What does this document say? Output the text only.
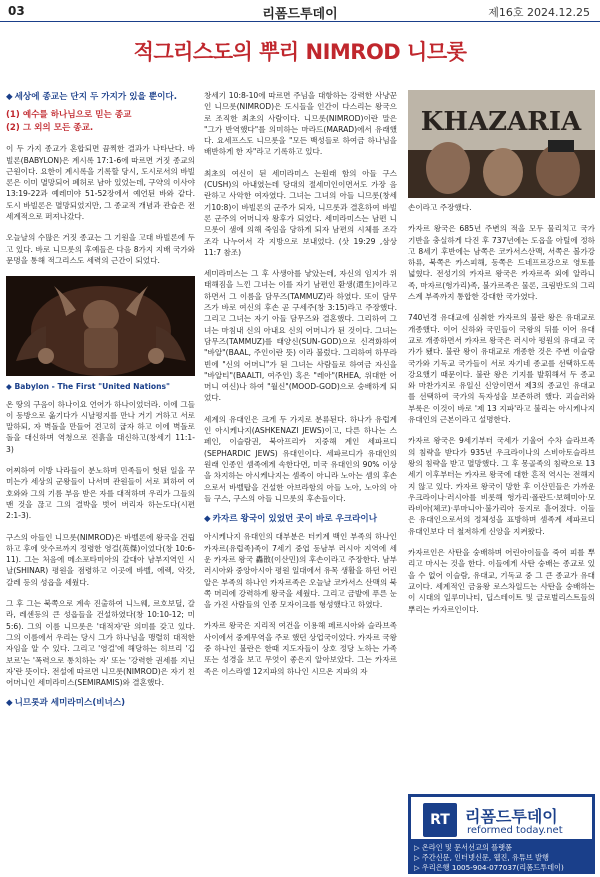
03	리폼드투데이	제16호 2024.12.25
적그리스도의 뿌리 NIMROD 니므롯
◆ 세상에 종교는 단지 두 가지가 있을 뿐이다.
(1) 예수를 하나님으로 믿는 종교
(2) 그 외의 모든 종교.

이 두 가지 종교가 혼합되면 끔찍한 결과가 나타난다. 바빌론(BABYLON)은 계시록 17:1-6에 따르면 거짓 종교의 근원이다. 요한이 계시록을 기록할 당시, 도시로서의 바빌론은 이미 멸망되어 폐허로 남아 있었는데, 구약의 이사야 13:19-22과 예레미야 51-52장에서 예언된 바와 같다. 도시 바빌론은 멸망되었지만, 그 종교적 개념과 관습은 전 세계적으로 퍼져나갔다.

오늘날의 수많은 거짓 종교는 그 기원을 고대 바빌론에 두고 있다. 바로 니므롯의 후예들은 다음 8가지 지배 국가와 문명을 통해 적그리스도 세력의 근간이 되었다.

◆ Babylon - The First "United Nations"

온 땅의 구음이 하나이요 언어가 하나이었더라. 이에 그들이 동방으로 옮기다가 시날평지를 만나 거기 거하고 서로 말하되, 자 벽돌을 만들어 견고히 굽자 하고 이에 벽돌로 돌을 대신하며 역청으로 진흙을 대신하고(창세기 11:1-3)

어찌하여 이방 나라들이 분노하며 민족들이 헛된 일을 꾸미는가 세상의 군왕들이 나서며 관원들이 서로 꾀하여 여호와와 그의 기름 부음 받은 자를 대적하며 우리가 그들의 맨 것을 끊고 그의 결박을 벗어 버리자 하는도다(시편 2:1-3).

구스의 아들인 니므롯(NIMROD)은 바벨론에 왕국을 건립하고 후에 앗수르까지 정령한 영걸(英傑)이었다(창 10:6-11). 그는 처음에 메소포타미아의 갈대아 남부지역인 시날(SHINAR) 평원을 점령하고 이곳에 바벨, 에렉, 악갓, 갈레 등의 성읍을 세웠다.

그 후 그는 북쪽으로 계속 진출하여 니느웨, 르호보딜, 갈라, 레센등의 큰 성읍들을 건설하였다(창 10:10-12; 미5:6). 그의 이름 니므롯은 '대적자'란 의미를 갖고 있다. 그의 이름에서 우리는 당시 그가 하나님을 맹렬히 대적한 자임을 알 수 있다. 그리고 '영걸'에 해당하는 히브리 '깁보르'는 '폭력으로 통치하는 자' 또는 '강력한 권세를 지닌 자'란 뜻이다. 전설에 따르면 니므롯(NIMROD)은 자기 친어머니인 세미라미스(SEMIRAMIS)와 결혼했다.

◆ 니므롯과 세미라미스(비너스)

창세기 10:8-10에 따르면 주님을 대항하는 강력한 사냥꾼인 니므롯(NIMROD)은 도시들을 인간이 다스리는 왕국으로 조직한 최초의 사람이다. 니므롯(NIMROD)이란 말은 "그가 반역했다"를 의미하는 마라드(MARAD)에서 유래했다. 요세프스도 니므롯을 "모든 백성들로 하여금 하나님을 배반하게 한 자"라고 기록하고 있다.

최초의 여신이 된 세미라미스 는원래 함의 아들 구스(CUSH)의 아내였는데 당대의 절세미인이면서도 가장 음란하고 사악한 여자였다. 그녀는 그녀의 아들 니므롯(창세기10:8)이 바빌론의 군주가 되자, 니므롯과 결혼하여 바빌론 군주의 어머니자 왕후가 되었다. 세미라미스는 남편 니므롯이 샘에 의해 죽임을 당하게 되자 남편의 시체를 조각조각 나누어서 각 지방으로 보내었다. (삿 19:29 ,삼상 11:7 참조)

세미라미스는 그 후 사생아를 낳았는데, 자신의 임지가 위태해짐을 느낀 그녀는 이를 자기 남편인 환생(還生)이라고 하면서 그 이름을 담무즈(TAMMUZ)라 하였다. 또이 담무즈가 바로 여신의 후손 곧 구세주(창 3:15)라고 주장했다. 그리고 그녀는 자기 아들 담무즈와 결혼했다. 그리하여 그녀는 마침내 신의 아내요 신의 어머니가 된 것이다. 그녀는 담무즈(TAMMUZ)를 태양신(SUN-GOD)으로 신격화하여 "바알"(BAAL, 주인이란 뜻) 이라 불렀다. 그리하여 하무라빈에 "신의 어머니"가 된 그녀는 사람들로 하여금 자신을 "바알티"(BAALTI, 여주인) 혹은 "레아"(RHEA, 위대한 어머니 여신)나 하여 "월신"(MOOD-GOD)으로 숭배하게 되었다.

세계의 유대인은 크게 두 가지로 분류된다. 하나가 유럽계인 아시케나지(ASHKENAZI JEWS)이고, 다른 하나는 스페인, 이슬람권, 북아프리카 지중해 계인 세파르디(SEPHARDIC JEWS) 유대인이다. 세파르디가 유대인의 원래 인종인 셈족에게 속한다면, 미국 유대인의 90% 이상을 차지하는 아시케나지는 셈족이 아니라 노아는 셈의 후손으로서 바벨탑을 건설한 아브라함의 아들 노아, 노아의 아들 구스, 구스의 아들 니므롯의 후손들이다.

◆ 카자르 왕국이 있었던 곳이 바로 우크라이나

아시케나지 유대인의 대부분은 터키계 백인 부족의 하나인 카자르(유럽족)족이 7세기 중엽 동남부 러시아 지역에 세운 카자르 왕국 轟散(이산민)의 후손이라고 주장한다. 남부 러시아와 중앙아시아 평원 일대에서 유목 생활을 하던 어린 알은 부족의 하나인 카자르족은 오늘날 코카서스 산맥의 북쪽 머리에 강력하게 왕국을 세웠다. 그리고 금발에 푸른 눈을 가진 사람들의 인종 모자이크를 형성했다고 하였다.

카자르 왕국은 지리적 여건을 이용해 페르시아와 슬라브족 사이에서 중계무역을 주로 했던 상업국이었다. 카자르 국왕 중 하나인 불란은 한때 지도자들이 상호 정당 노하는 가족 또는 성경을 보고 무엇이 좋은지 알아보았다. 그는 카자르족은 이스라엘 12지파의 하나인 시므온 지파의 자

KHAZARIA

손이라고 주장했다.

카자르 왕국은 685년 주변의 적을 모두 물리치고 국가 기반을 충실하게 다진 후 737년에는 도읍을 아틸에 정하고 8세기 후반에는 남쪽은 코카서스산맥, 서쪽은 볼가강 하류, 북쪽은 카스피해, 동쪽은 드네프르강으로 영토를 넓혔다. 전성기의 카자르 왕국은 카자르족 외에 알라니족, 마자르(헝가리)족, 불가르족은 물론, 크림반도의 그리스계 부족까지 통합한 강대한 국가였다.

740년경 유대교에 심취한 카자르의 불란 왕은 유대교로 개종했다. 이어 신하와 국민들이 국왕의 뒤를 이어 유대교로 개종하면서 카자르 왕국은 러시아 평원의 유대교 국가가 됐다. 불란 왕이 유대교로 개종한 것은 주변 이슬람국가와 기독교 국가들이 서로 자기네 종교를 선택하도록 강요했기 때문이다. 불란 왕은 기지를 발휘해서 두 종교와 마찬가지로 유일신 신앙이면서 제3의 종교인 유대교를 선택하여 국가의 독자성을 보존하려 했다. 괴슬러와 부룩은 이것이 바로 '제 13 지파'라고 불리는 아시케나지 유대인의 근본이라고 설명한다.

카자르 왕국은 9세기부터 국세가 기울어 수차 슬라브족의 침략을 받다가 935년 우크라이나의 스비아토슬라브 왕의 침략을 받고 멸망했다. 그 후 몽골족의 침략으로 13세기 이후부터는 카자르 왕국에 대한 흔적 역시는 전해지지 않고 있다. 카자르 왕국이 망한 후 이산민들은 가까운 우크라이나·러시아를 비롯해 헝가리·폴란드·보헤미아·모라비아(체코)·루마니아·불가리아 등지로 흩어졌다. 이들은 유대인으로서의 정체성을 표방하며 셈족계 세파르디 유대인보다 더 철저하게 신앙을 지켜왔다.

카자르인은 사탄을 숭배하며 어린아이들을 죽여 피를 뿌리고 마시는 것을 한다. 이들에게 사탄 숭배는 종교로 있을 수 없어 이슬람, 유대교, 기독교 중 그 큰 종교가 유대교이다. 세계적인 금융왕 로스차일드는 사탄을 숭배하는 이 시대의 일루미나티, 딥스테이트 및 글로벌리스트들의 뿌리는 카자르인이다.

RT 리폼드투데이
reformed today.net
▷ 온라인 및 문서선교의 플랫폼
▷ 주간신문, 인터넷신문, 웹진, 유튜브 발행
▷ 우리은행 1005-904-077037(리폼드투데이)
